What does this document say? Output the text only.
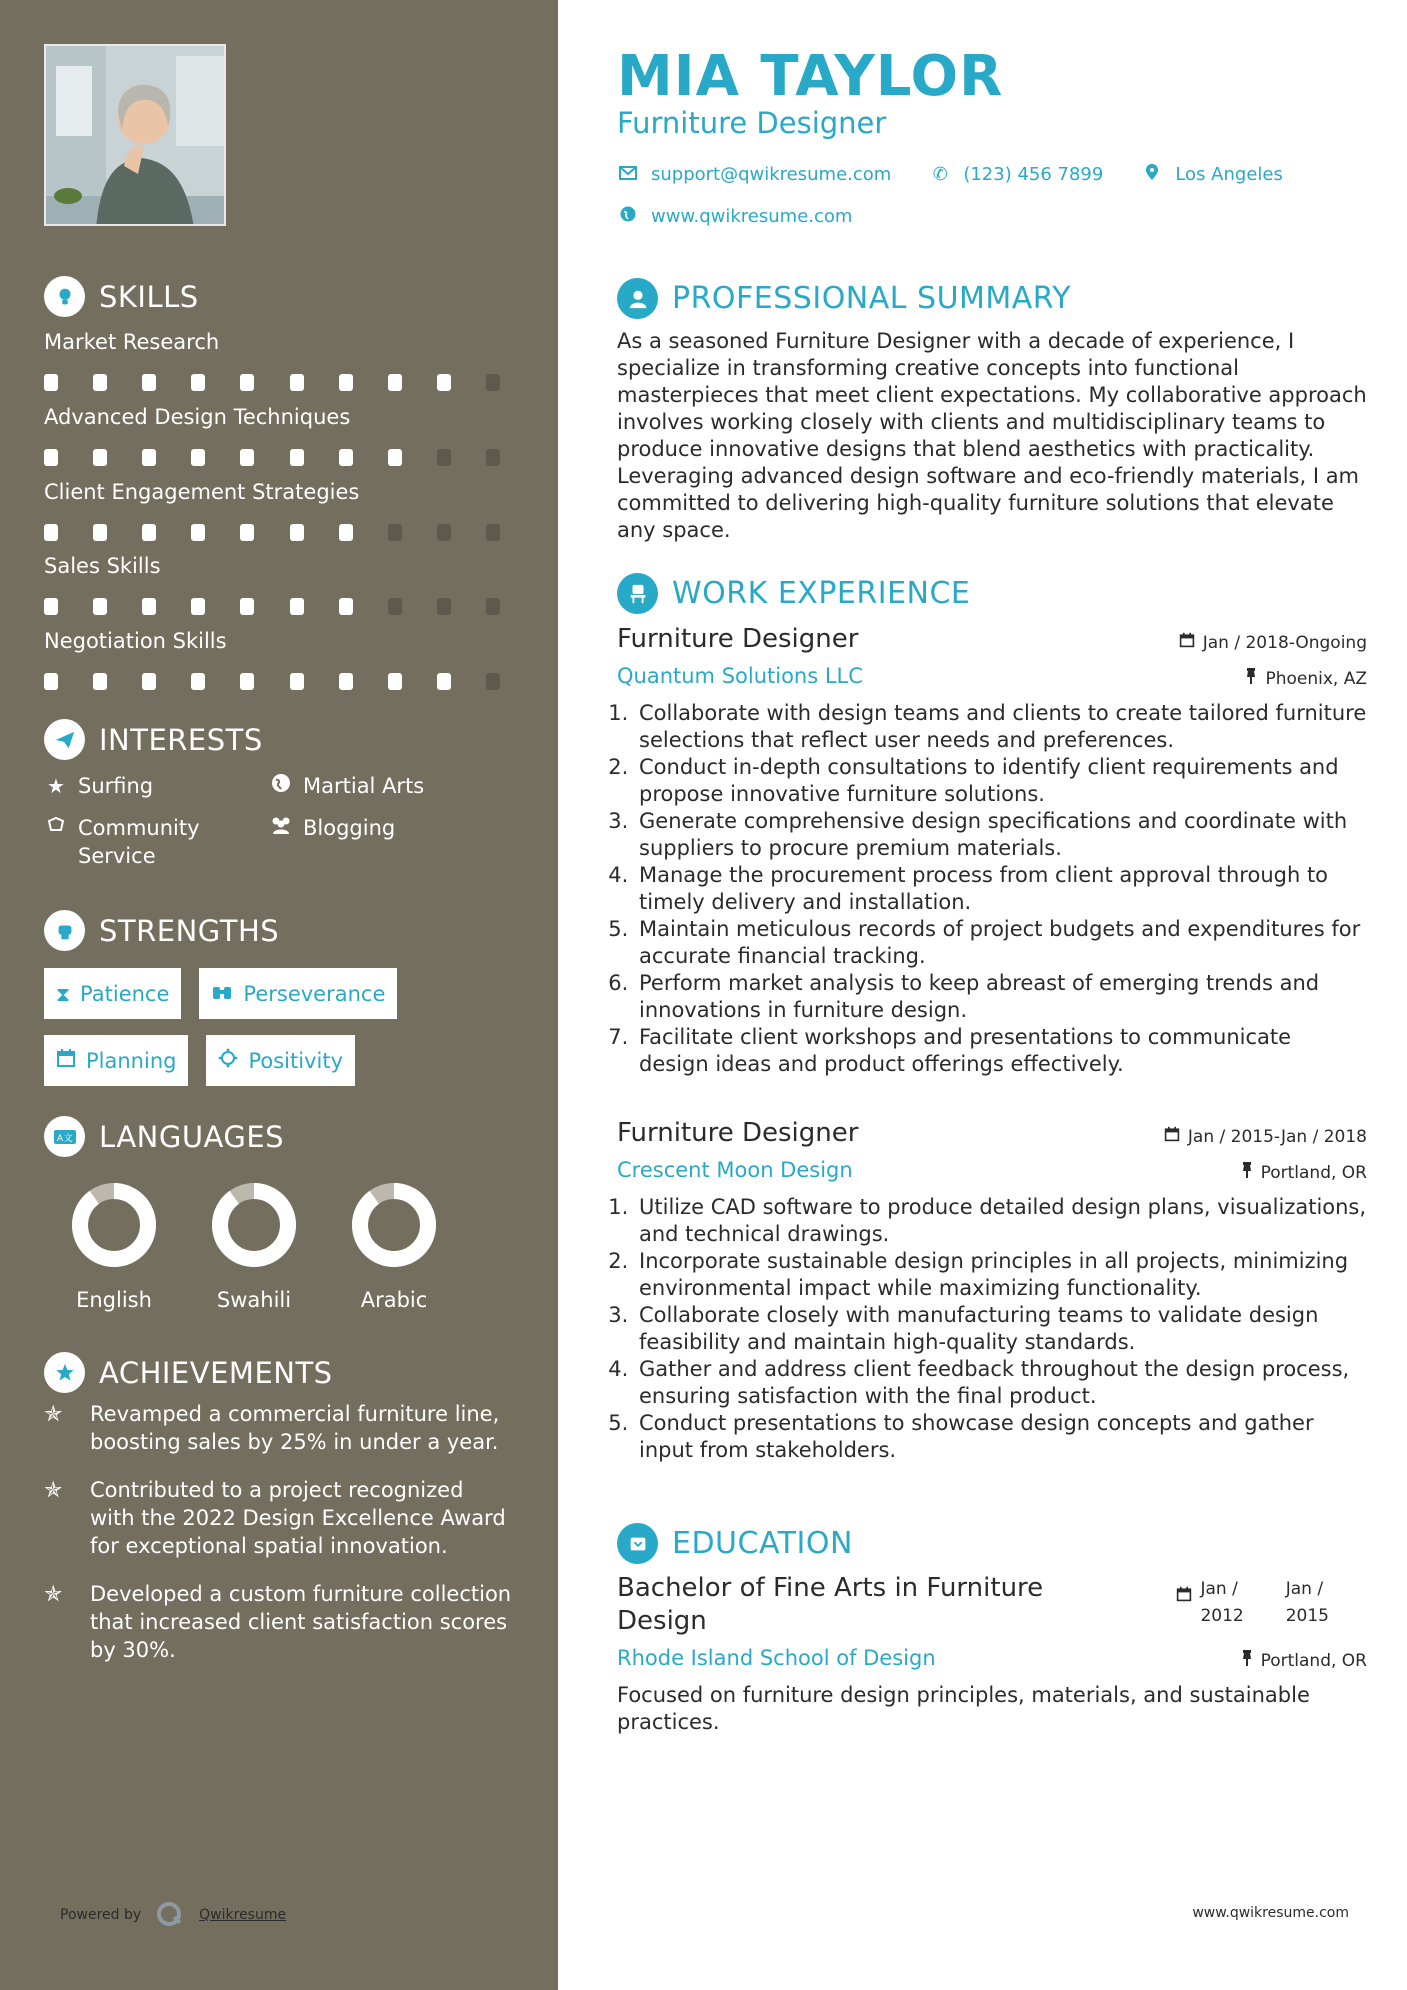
SKILLS
Market Research
Advanced Design Techniques
Client Engagement Strategies
Sales Skills
Negotiation Skills
INTERESTS
★ Surfing	Martial Arts
Community Service
Blogging
STRENGTHS
⧗ Patience	Perseverance
Planning	Positivity
A文 LANGUAGES
English	Swahili	Arabic
ACHIEVEMENTS
✯	Revamped a commercial furniture line, boosting sales by 25% in under a year.
✯	Contributed to a project recognized with the 2022 Design Excellence Award for exceptional spatial innovation.
✯	Developed a custom furniture collection that increased client satisfaction scores by 30%.
Powered by	Qwikresume
MIA TAYLOR
Furniture Designer
support@qwikresume.com ✆ (123) 456 7899	Los Angeles
www.qwikresume.com
PROFESSIONAL SUMMARY
As a seasoned Furniture Designer with a decade of experience, I specialize in transforming creative concepts into functional masterpieces that meet client expectations. My collaborative approach involves working closely with clients and multidisciplinary teams to produce innovative designs that blend aesthetics with practicality. Leveraging advanced design software and eco-friendly materials, I am committed to delivering high-quality furniture solutions that elevate any space.
WORK EXPERIENCE
Furniture Designer	Jan / 2018-Ongoing
Quantum Solutions LLC	Phoenix, AZ
1. Collaborate with design teams and clients to create tailored furniture selections that reflect user needs and preferences.
2. Conduct in-depth consultations to identify client requirements and propose innovative furniture solutions.
3. Generate comprehensive design specifications and coordinate with suppliers to procure premium materials.
4. Manage the procurement process from client approval through to timely delivery and installation.
5. Maintain meticulous records of project budgets and expenditures for accurate financial tracking.
6. Perform market analysis to keep abreast of emerging trends and innovations in furniture design.
7. Facilitate client workshops and presentations to communicate design ideas and product offerings effectively.
Furniture Designer	Jan / 2015-Jan / 2018
Crescent Moon Design	Portland, OR
1. Utilize CAD software to produce detailed design plans, visualizations, and technical drawings.
2. Incorporate sustainable design principles in all projects, minimizing environmental impact while maximizing functionality.
3. Collaborate closely with manufacturing teams to validate design feasibility and maintain high-quality standards.
4. Gather and address client feedback throughout the design process, ensuring satisfaction with the final product.
5. Conduct presentations to showcase design concepts and gather input from stakeholders.
EDUCATION
Bachelor of Fine Arts in Furniture Design
Jan /
2012
Jan /
2015
Rhode Island School of Design	Portland, OR
Focused on furniture design principles, materials, and sustainable practices.
www.qwikresume.com
